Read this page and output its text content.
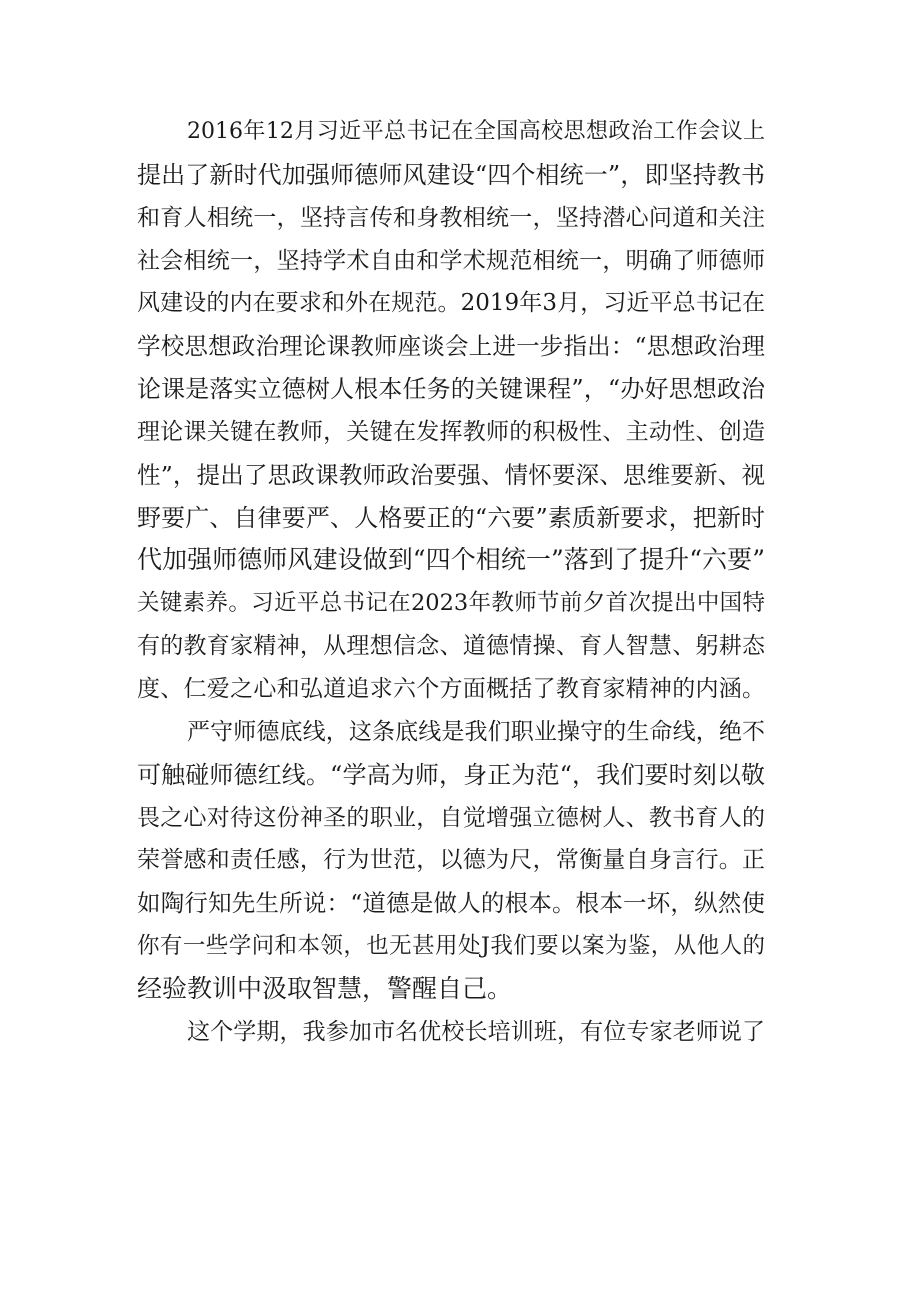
2016年12月习近平总书记在全国高校思想政治工作会议上
提出了新时代加强师德师风建设“四个相统一”，即坚持教书
和育人相统一，坚持言传和身教相统一，坚持潜心问道和关注
社会相统一，坚持学术自由和学术规范相统一，明确了师德师
风建设的内在要求和外在规范。2019年3月，习近平总书记在
学校思想政治理论课教师座谈会上进一步指出：“思想政治理
论课是落实立德树人根本任务的关键课程”，“办好思想政治
理论课关键在教师，关键在发挥教师的积极性、主动性、创造
性”，提出了思政课教师政治要强、情怀要深、思维要新、视
野要广、自律要严、人格要正的“六要”素质新要求，把新时
代加强师德师风建设做到“四个相统一”落到了提升“六要”
关键素养。习近平总书记在2023年教师节前夕首次提出中国特
有的教育家精神，从理想信念、道德情操、育人智慧、躬耕态
度、仁爱之心和弘道追求六个方面概括了教育家精神的内涵。
严守师德底线，这条底线是我们职业操守的生命线，绝不
可触碰师德红线。“学高为师，身正为范“，我们要时刻以敬
畏之心对待这份神圣的职业，自觉增强立德树人、教书育人的
荣誉感和责任感，行为世范，以德为尺，常衡量自身言行。正
如陶行知先生所说：“道德是做人的根本。根本一坏，纵然使
你有一些学问和本领，也无甚用处J我们要以案为鉴，从他人的
经验教训中汲取智慧，警醒自己。
这个学期，我参加市名优校长培训班，有位专家老师说了
